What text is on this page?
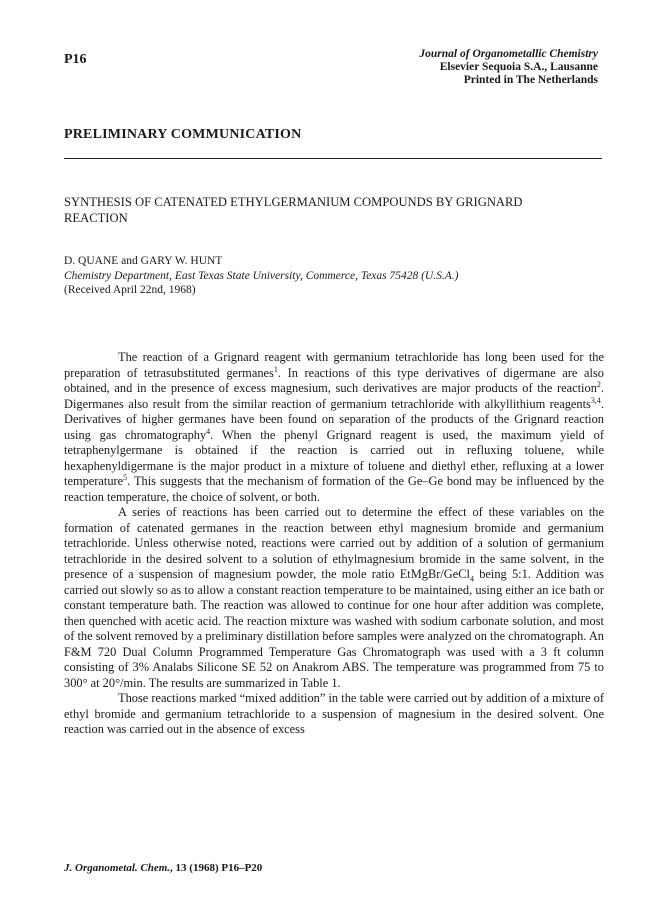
P16	Journal of Organometallic Chemistry
Elsevier Sequoia S.A., Lausanne
Printed in The Netherlands
PRELIMINARY COMMUNICATION
SYNTHESIS OF CATENATED ETHYLGERMANIUM COMPOUNDS BY GRIGNARD
REACTION
D. QUANE and GARY W. HUNT
Chemistry Department, East Texas State University, Commerce, Texas 75428 (U.S.A.)
(Received April 22nd, 1968)

The reaction of a Grignard reagent with germanium tetrachloride has long been used for the preparation of tetrasubstituted germanes$^1$. In reactions of this type derivatives of digermane are also obtained, and in the presence of excess magnesium, such derivatives are major products of the reaction$^2$. Digermanes also result from the similar reaction of germanium tetrachloride with alkyllithium reagents$^{3,4}$. Derivatives of higher germanes have been found on separation of the products of the Grignard reaction using gas chromatography$^4$. When the phenyl Grignard reagent is used, the maximum yield of tetraphenylgermane is obtained if the reaction is carried out in refluxing toluene, while hexaphenyldigermane is the major product in a mixture of toluene and diethyl ether, refluxing at a lower temperature$^5$. This suggests that the mechanism of formation of the Ge–Ge bond may be influenced by the reaction temperature, the choice of solvent, or both.

A series of reactions has been carried out to determine the effect of these variables on the formation of catenated germanes in the reaction between ethyl magnesium bromide and germanium tetrachloride. Unless otherwise noted, reactions were carried out by addition of a solution of germanium tetrachloride in the desired solvent to a solution of ethylmagnesium bromide in the same solvent, in the presence of a suspension of magnesium powder, the mole ratio EtMgBr/GeCl$_4$ being 5:1. Addition was carried out slowly so as to allow a constant reaction temperature to be maintained, using either an ice bath or constant temperature bath. The reaction was allowed to continue for one hour after addition was complete, then quenched with acetic acid. The reaction mixture was washed with sodium carbonate solution, and most of the solvent removed by a preliminary distillation before samples were analyzed on the chromatograph. An F&M 720 Dual Column Programmed Temperature Gas Chromatograph was used with a 3 ft column consisting of 3% Analabs Silicone SE 52 on Anakrom ABS. The temperature was programmed from 75 to 300° at 20°/min. The results are summarized in Table 1.

Those reactions marked “mixed addition” in the table were carried out by addition of a mixture of ethyl bromide and germanium tetrachloride to a suspension of magnesium in the desired solvent. One reaction was carried out in the absence of excess

J. Organometal. Chem., 13 (1968) P16–P20
